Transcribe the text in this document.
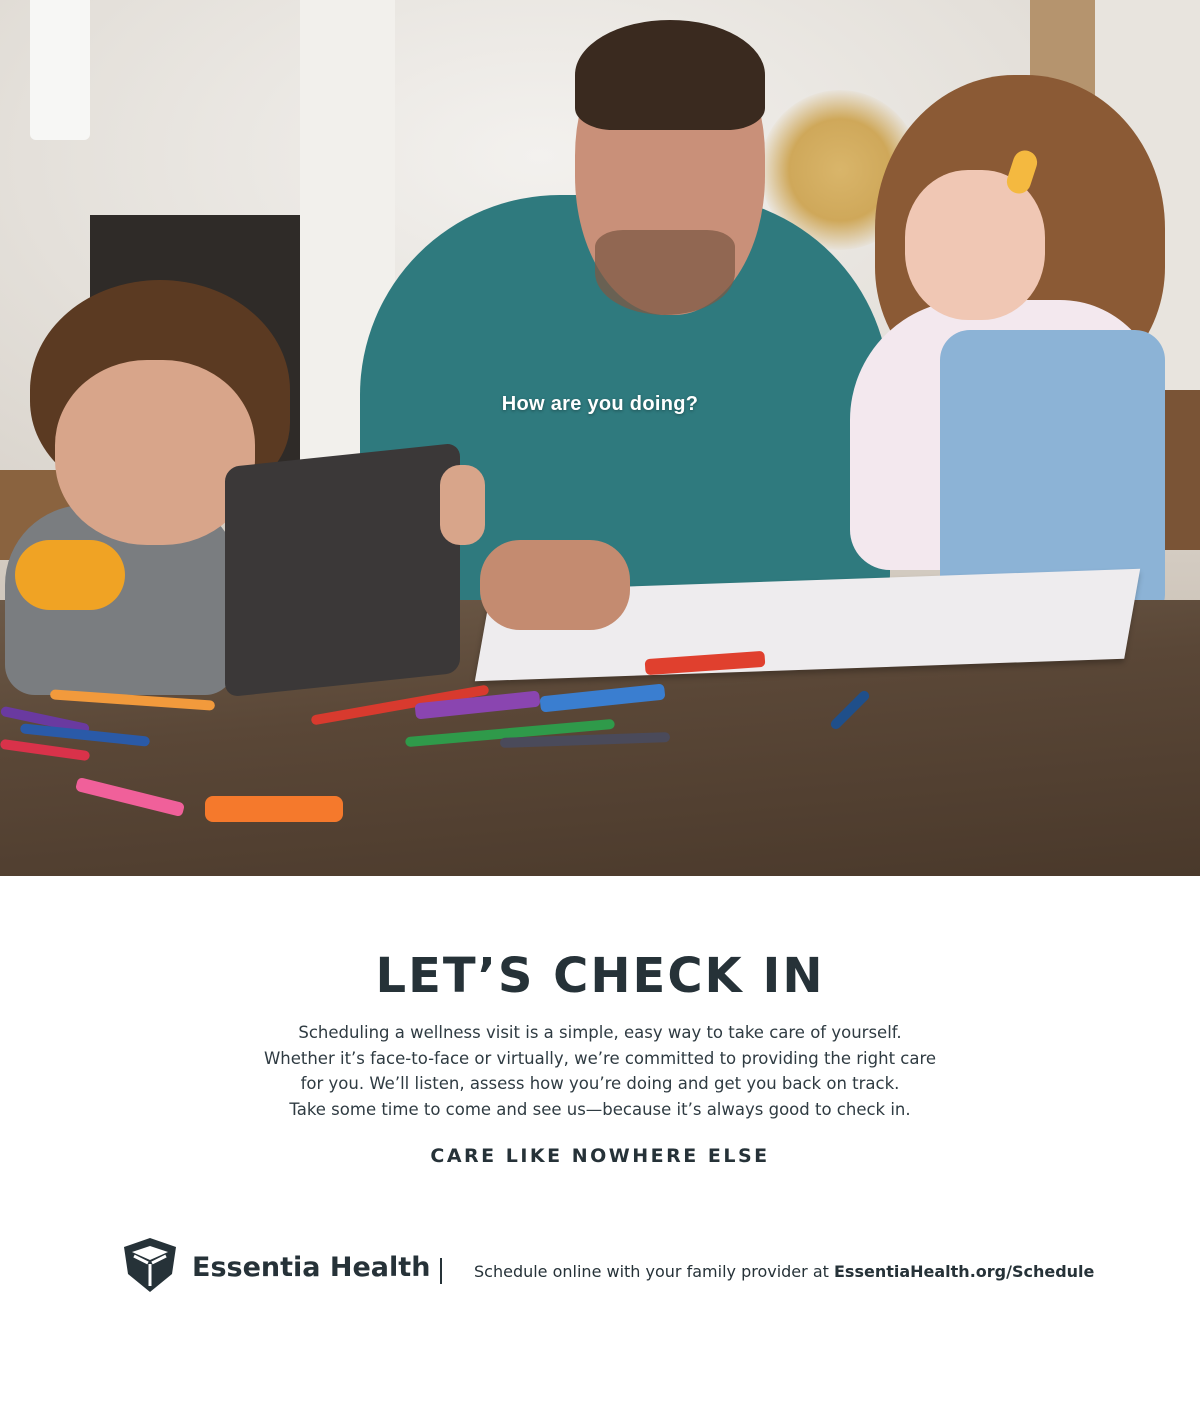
How are you doing?
LET’S CHECK IN

Scheduling a wellness visit is a simple, easy way to take care of yourself.
Whether it’s face-to-face or virtually, we’re committed to providing the right care
for you. We’ll listen, assess how you’re doing and get you back on track.
Take some time to come and see us—because it’s always good to check in.

CARE LIKE NOWHERE ELSE

Essentia Health	Schedule online with your family provider at EssentiaHealth.org/Schedule
